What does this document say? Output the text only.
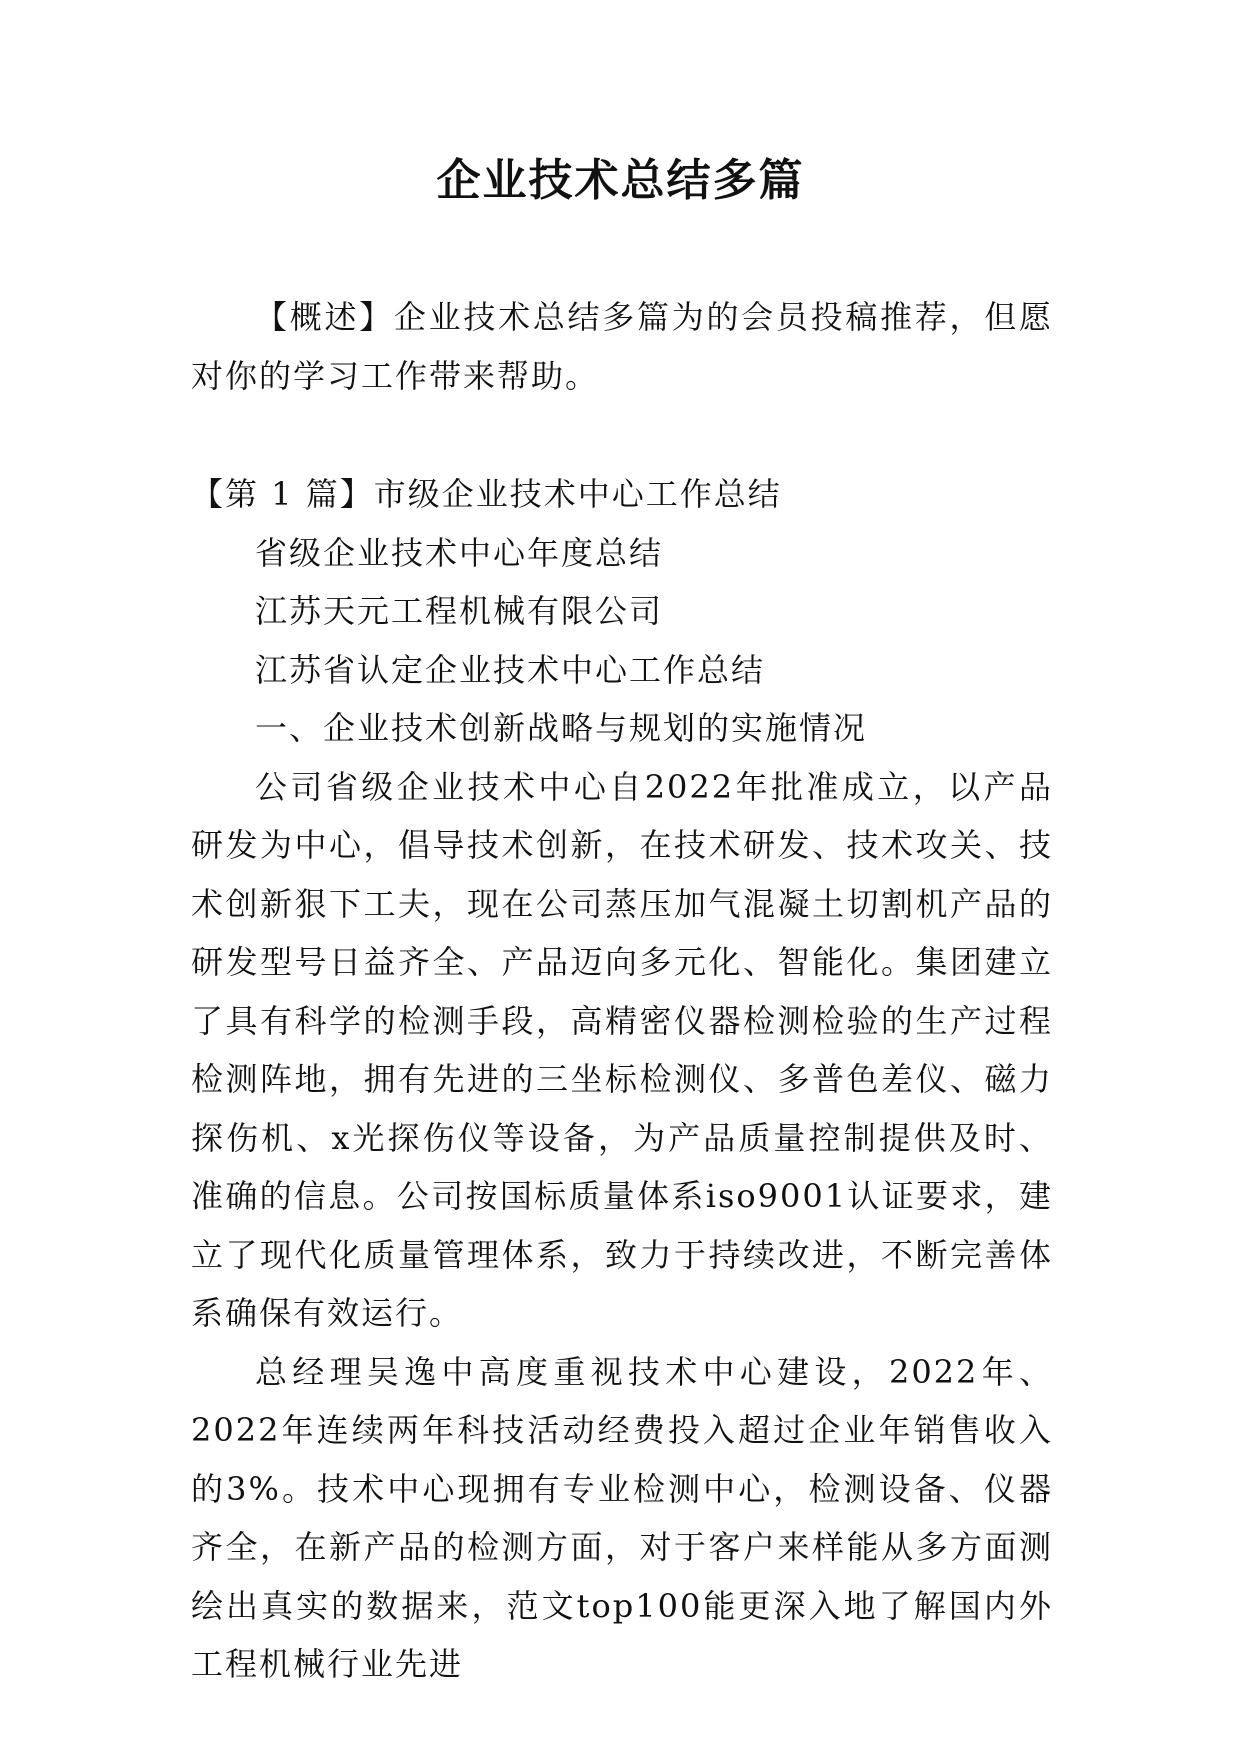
企业技术总结多篇

【概述】企业技术总结多篇为的会员投稿推荐，但愿对你的学习工作带来帮助。

【第 1 篇】市级企业技术中心工作总结

省级企业技术中心年度总结

江苏天元工程机械有限公司

江苏省认定企业技术中心工作总结

一、企业技术创新战略与规划的实施情况

公司省级企业技术中心自2022年批准成立，以产品研发为中心，倡导技术创新，在技术研发、技术攻关、技术创新狠下工夫，现在公司蒸压加气混凝土切割机产品的研发型号日益齐全、产品迈向多元化、智能化。集团建立了具有科学的检测手段，高精密仪器检测检验的生产过程检测阵地，拥有先进的三坐标检测仪、多普色差仪、磁力探伤机、x光探伤仪等设备，为产品质量控制提供及时、准确的信息。公司按国标质量体系iso9001认证要求，建立了现代化质量管理体系，致力于持续改进，不断完善体系确保有效运行。

总经理吴逸中高度重视技术中心建设，2022年、2022年连续两年科技活动经费投入超过企业年销售收入的3%。技术中心现拥有专业检测中心，检测设备、仪器齐全，在新产品的检测方面，对于客户来样能从多方面测绘出真实的数据来，范文top100能更深入地了解国内外工程机械行业先进
